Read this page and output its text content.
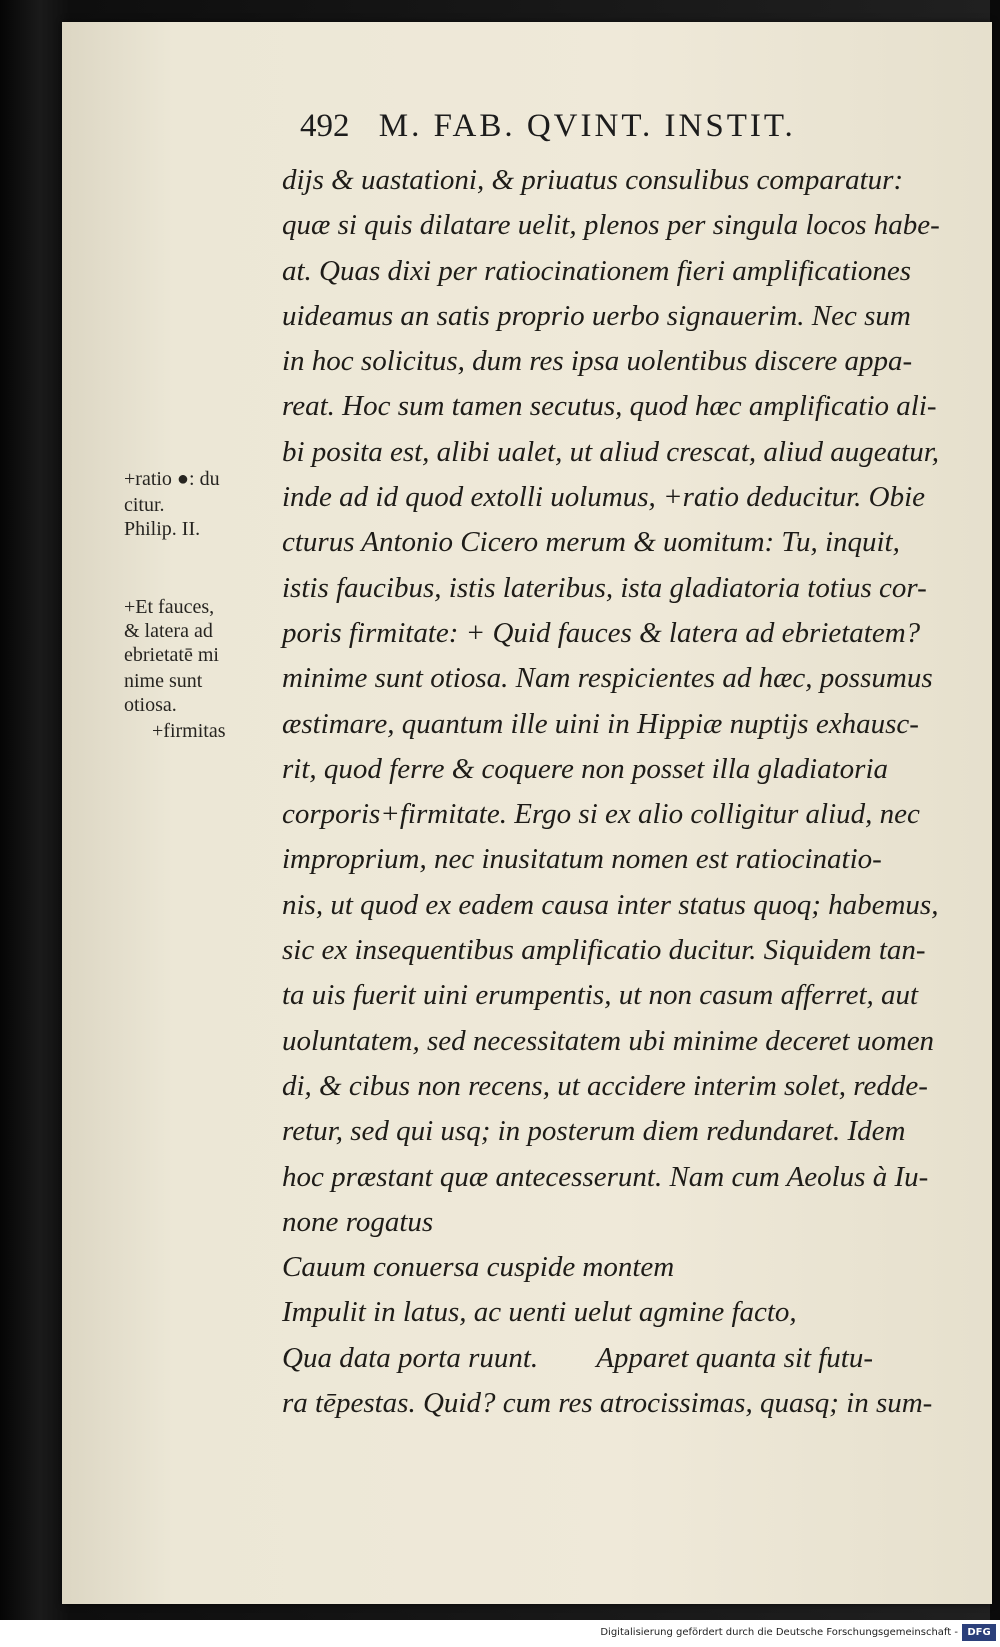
492 M. FAB. QVINT. INSTIT.
dijs & uastationi, & priuatus consulibus comparatur:
quæ si quis dilatare uelit, plenos per singula locos habe-
at. Quas dixi per ratiocinationem fieri amplificationes
uideamus an satis proprio uerbo signauerim. Nec sum
in hoc solicitus, dum res ipsa uolentibus discere appa-
reat. Hoc sum tamen secutus, quod hæc amplificatio ali-
bi posita est, alibi ualet, ut aliud crescat, aliud augeatur,
inde ad id quod extolli uolumus, +ratio deducitur. Obie
cturus Antonio Cicero merum & uomitum: Tu, inquit,
istis faucibus, istis lateribus, ista gladiatoria totius cor-
poris firmitate: + Quid fauces & latera ad ebrietatem?
minime sunt otiosa. Nam respicientes ad hæc, possumus
æstimare, quantum ille uini in Hippiæ nuptijs exhausc-
rit, quod ferre & coquere non posset illa gladiatoria
corporis+firmitate. Ergo si ex alio colligitur aliud, nec
improprium, nec inusitatum nomen est ratiocinatio-
nis, ut quod ex eadem causa inter status quoq; habemus,
sic ex insequentibus amplificatio ducitur. Siquidem tan-
ta uis fuerit uini erumpentis, ut non casum afferret, aut
uoluntatem, sed necessitatem ubi minime deceret uomen
di, & cibus non recens, ut accidere interim solet, redde-
retur, sed qui usq; in posterum diem redundaret. Idem
hoc præstant quæ antecesserunt. Nam cum Aeolus à Iu-
none rogatus
Cauum conuersa cuspide montem
Impulit in latus, ac uenti uelut agmine facto,
Qua data porta ruunt. Apparet quanta sit futu-
ra tēpestas. Quid? cum res atrocissimas, quasq; in sum-
+ratio ●: du
citur.
Philip. II.
+Et fauces,
& latera ad
ebrietatē mi
nime sunt
otiosa.
+firmitas
Digitalisierung gefördert durch die Deutsche Forschungsgemeinschaft - DFG
